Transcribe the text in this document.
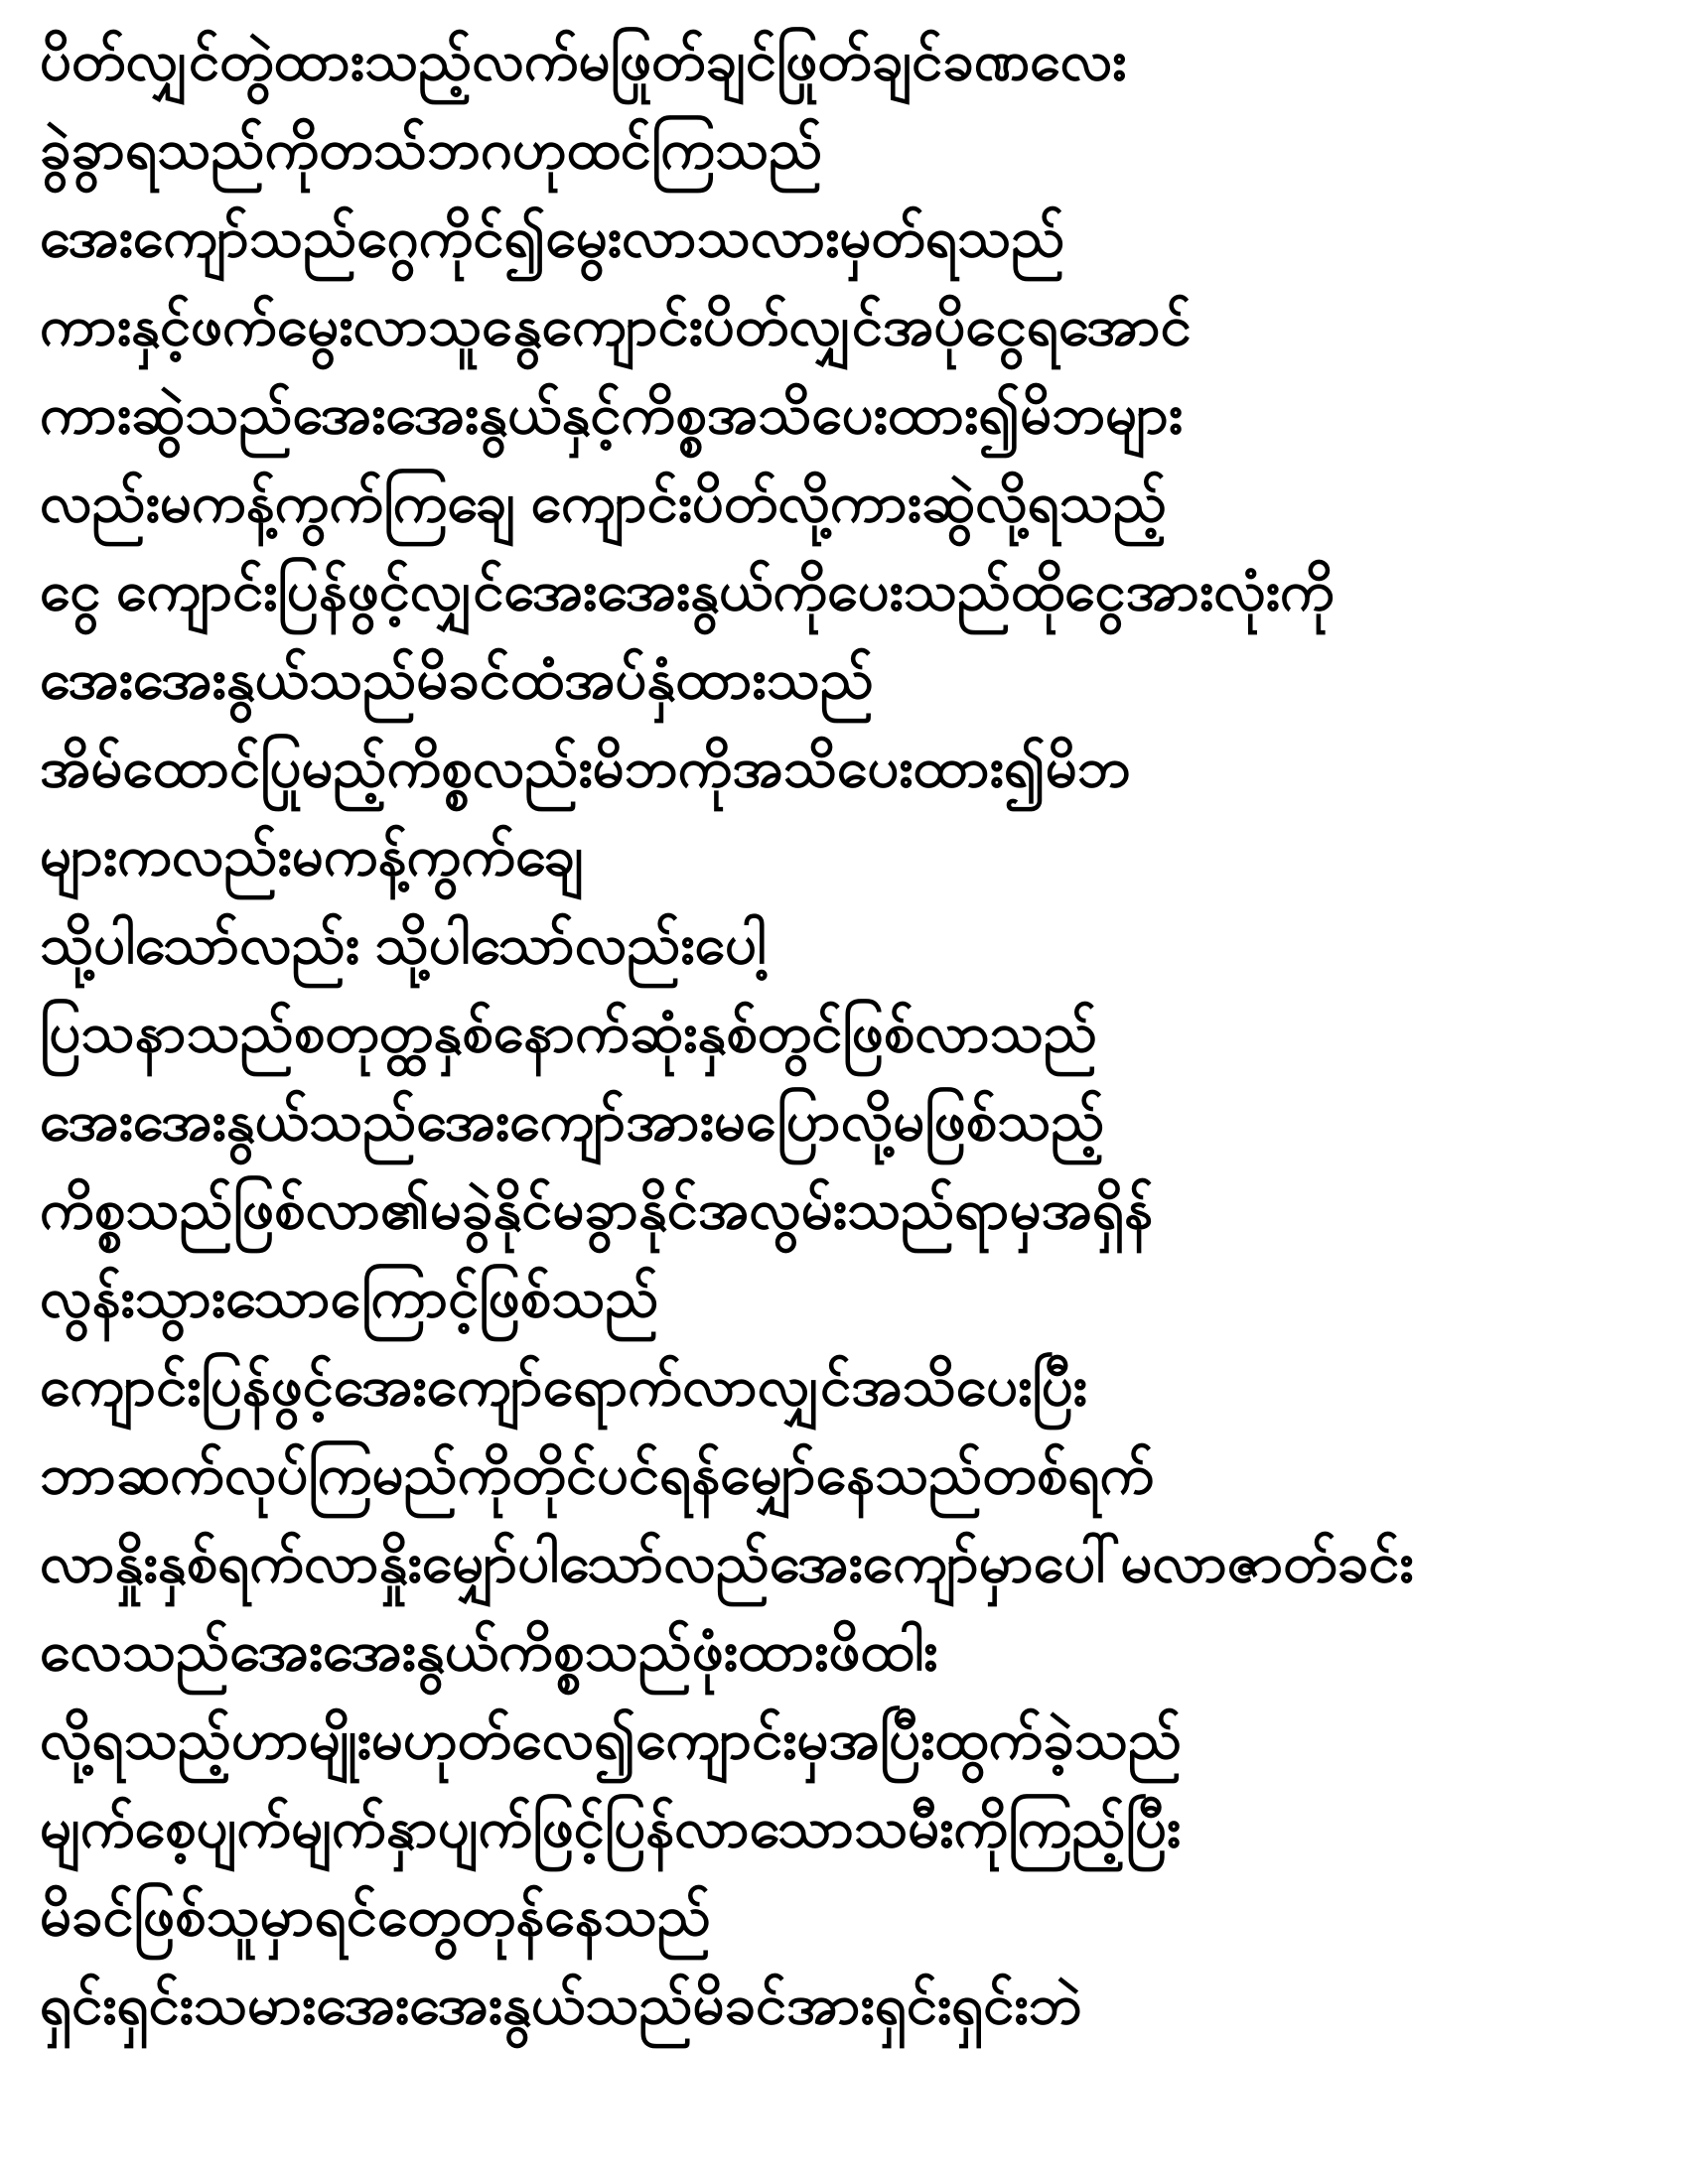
ပိတ်လျှင်တွဲထားသည့်လက်မဖြုတ်ချင်ဖြုတ်ချင်ခဏလေး
ခွဲခွာရသည်ကိုတသ်ဘဂဟုထင်ကြသည်
အေးကျော်သည်ဂွေကိုင်၍မွေးလာသလားမှတ်ရသည်
ကားနှင့်ဖက်မွေးလာသူနွေကျောင်းပိတ်လျှင်အပိုငွေရအောင်
ကားဆွဲသည်အေးအေးနွယ်နှင့်ကိစ္စအသိပေးထား၍မိဘများ
လည်းမကန့်ကွက်ကြချေ ကျောင်းပိတ်လို့ကားဆွဲလို့ရသည့်
ငွေ ကျောင်းပြန်ဖွင့်လျှင်အေးအေးနွယ်ကိုပေးသည်ထိုငွေအားလုံးကို
အေးအေးနွယ်သည်မိခင်ထံအပ်နှံထားသည်
အိမ်ထောင်ပြုမည့်ကိစ္စလည်းမိဘကိုအသိပေးထား၍မိဘ
များကလည်းမကန့်ကွက်ချေ
သို့ပါသော်လည်း သို့ပါသော်လည်းပေါ့
ပြသနာသည်စတုတ္ထနှစ်နောက်ဆုံးနှစ်တွင်ဖြစ်လာသည်
အေးအေးနွယ်သည်အေးကျော်အားမပြောလို့မဖြစ်သည့်
ကိစ္စသည်ဖြစ်လာ၏မခွဲနိုင်မခွာနိုင်အလွမ်းသည်ရာမှအရှိန်
လွန်းသွားသောကြောင့်ဖြစ်သည်
ကျောင်းပြန်ဖွင့်အေးကျော်ရောက်လာလျှင်အသိပေးပြီး
ဘာဆက်လုပ်ကြမည်ကိုတိုင်ပင်ရန်မျှော်နေသည်တစ်ရက်
လာနှိုးနှစ်ရက်လာနှိုးမျှော်ပါသော်လည်အေးကျော်မှာပေါ်မလာဇာတ်ခင်း
လေသည်အေးအေးနွယ်ကိစ္စသည်ဖုံးထားဖိထါး
လို့ရသည့်ဟာမျိုးမဟုတ်လေ၍ကျောင်းမှအပြီးထွက်ခဲ့သည်
မျက်စေ့ပျက်မျက်နှာပျက်ဖြင့်ပြန်လာသောသမီးကိုကြည့်ပြီး
မိခင်ဖြစ်သူမှာရင်တွေတုန်နေသည်
ရှင်းရှင်းသမားအေးအေးနွယ်သည်မိခင်အားရှင်းရှင်းဘဲ
